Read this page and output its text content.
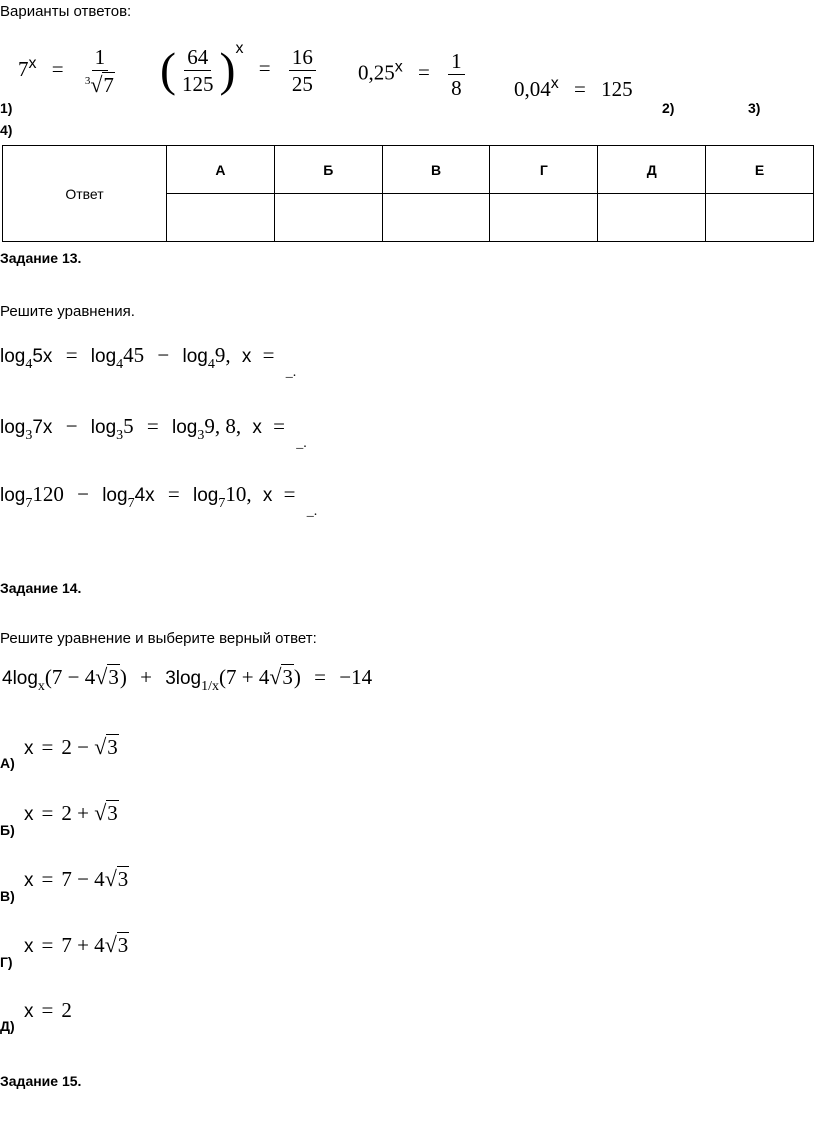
Варианты ответов:
$7^x = \frac{1}{^3√7}$ ( $\frac{64}{125} )^x = \frac{16}{25} 0,25^x = \frac{1}{8} 0,04^x = 125$
1)	2)	3)
4)
Ответ	А	Б	В	Г	Д	Е

Задание 13.
Решите уравнения.
$\log_45x = \log_445 - \log_49$, x = $_{\_.}$
$\log_37x - \log_35 = \log_39$, 8, x = $_{\_.}$
$\log_7120 - \log_74x = \log_710$, x = $_{\_.}$
Задание 14.
Решите уравнение и выберите верный ответ:
$4\log_x(7 - 4√3) + 3\log_{1/x}(7 + 4√3) = -14$
А)
x = 2 − √3
Б)
x = 2 + √3
В)
x = 7 − 4√3
Г)
x = 7 + 4√3
Д)
x = 2
Задание 15.
